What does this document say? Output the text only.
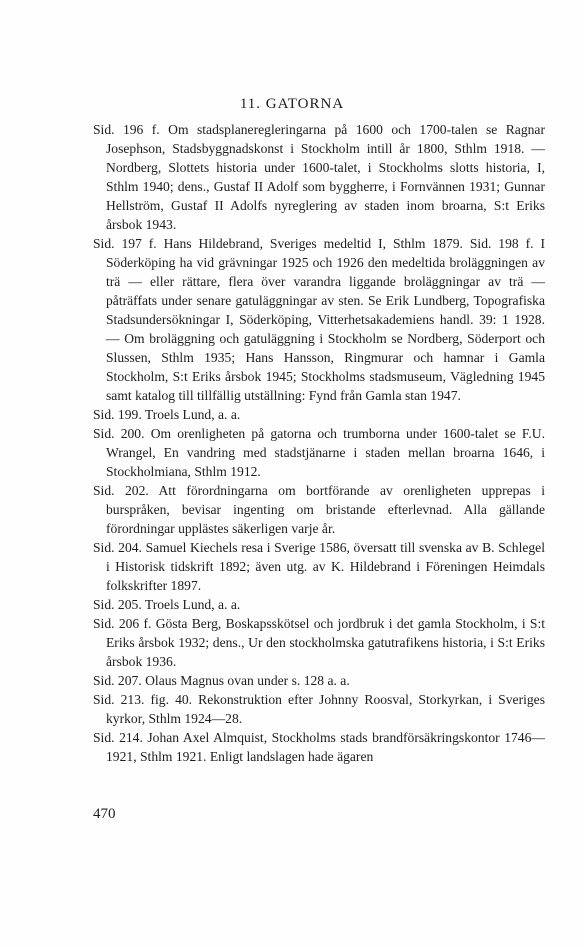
11. GATORNA

Sid. 196 f. Om stadsplaneregleringarna på 1600 och 1700-talen se Ragnar Josephson, Stadsbyggnadskonst i Stockholm intill år 1800, Sthlm 1918. — Nordberg, Slottets historia under 1600-talet, i Stockholms slotts historia, I, Sthlm 1940; dens., Gustaf II Adolf som byggherre, i Fornvännen 1931; Gunnar Hellström, Gustaf II Adolfs nyreglering av staden inom broarna, S:t Eriks årsbok 1943.

Sid. 197 f. Hans Hildebrand, Sveriges medeltid I, Sthlm 1879. Sid. 198 f. I Söderköping ha vid grävningar 1925 och 1926 den medeltida broläggningen av trä — eller rättare, flera över varandra liggande broläggningar av trä — påträffats under senare gatuläggningar av sten. Se Erik Lundberg, Topografiska Stadsundersökningar I, Söderköping, Vitterhetsakademiens handl. 39: 1 1928. — Om broläggning och gatuläggning i Stockholm se Nordberg, Söderport och Slussen, Sthlm 1935; Hans Hansson, Ringmurar och hamnar i Gamla Stockholm, S:t Eriks årsbok 1945; Stockholms stadsmuseum, Vägledning 1945 samt katalog till tillfällig utställning: Fynd från Gamla stan 1947.

Sid. 199. Troels Lund, a. a.

Sid. 200. Om orenligheten på gatorna och trumborna under 1600-talet se F.U. Wrangel, En vandring med stadstjänarne i staden mellan broarna 1646, i Stockholmiana, Sthlm 1912.

Sid. 202. Att förordningarna om bortförande av orenligheten upprepas i burspråken, bevisar ingenting om bristande efterlevnad. Alla gällande förordningar upplästes säkerligen varje år.

Sid. 204. Samuel Kiechels resa i Sverige 1586, översatt till svenska av B. Schlegel i Historisk tidskrift 1892; även utg. av K. Hildebrand i Föreningen Heimdals folkskrifter 1897.

Sid. 205. Troels Lund, a. a.

Sid. 206 f. Gösta Berg, Boskapsskötsel och jordbruk i det gamla Stockholm, i S:t Eriks årsbok 1932; dens., Ur den stockholmska gatutrafikens historia, i S:t Eriks årsbok 1936.

Sid. 207. Olaus Magnus ovan under s. 128 a. a.

Sid. 213. fig. 40. Rekonstruktion efter Johnny Roosval, Storkyrkan, i Sveriges kyrkor, Sthlm 1924—28.

Sid. 214. Johan Axel Almquist, Stockholms stads brandförsäkringskontor 1746—1921, Sthlm 1921. Enligt landslagen hade ägaren

470
